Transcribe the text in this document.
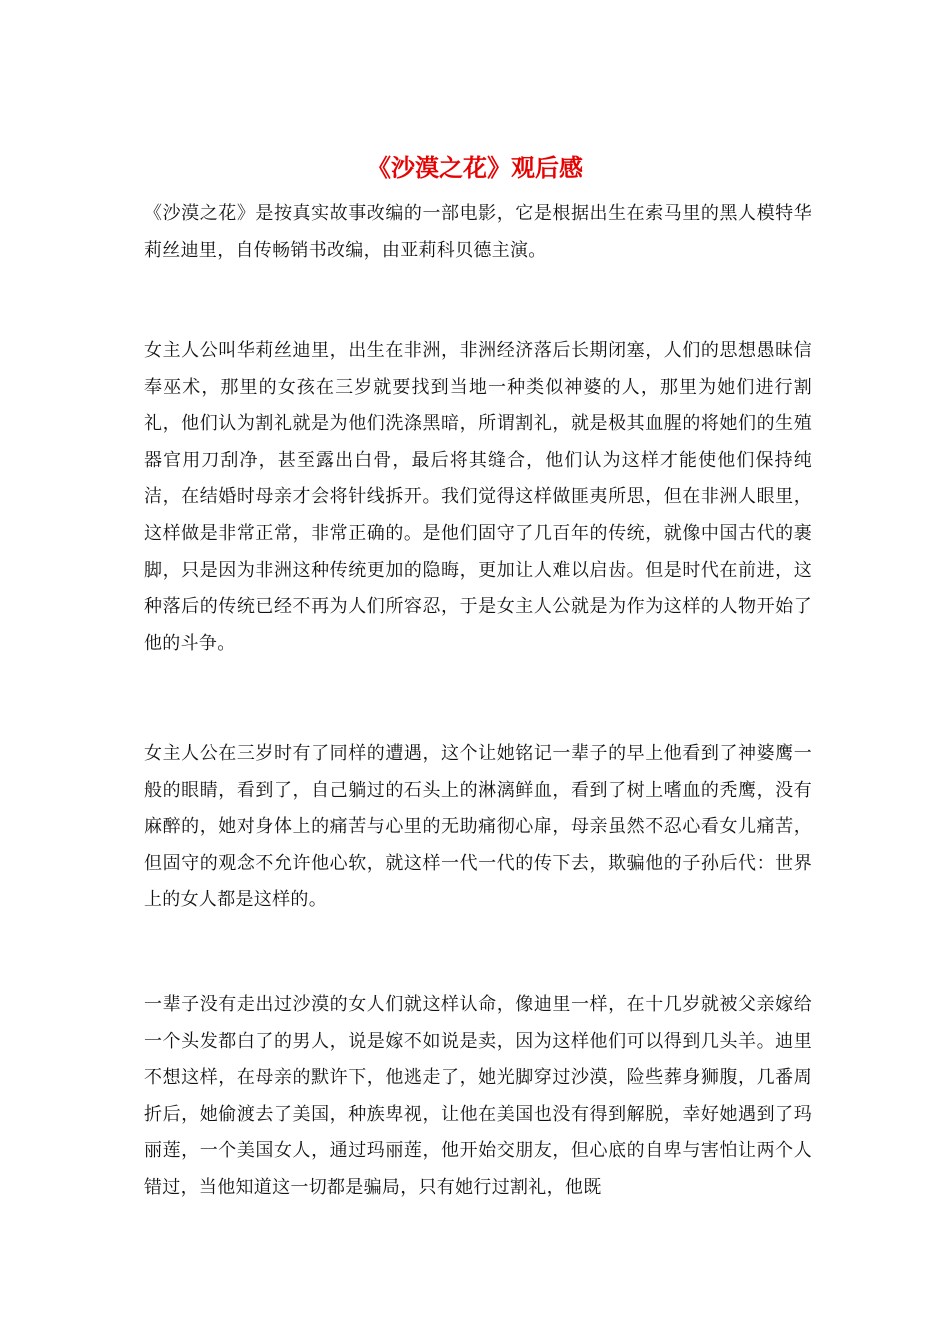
《沙漠之花》观后感

《沙漠之花》是按真实故事改编的一部电影，它是根据出生在索马里的黑人模特华莉丝迪里，自传畅销书改编，由亚莉科贝德主演。

女主人公叫华莉丝迪里，出生在非洲，非洲经济落后长期闭塞，人们的思想愚昧信奉巫术，那里的女孩在三岁就要找到当地一种类似神婆的人，那里为她们进行割礼，他们认为割礼就是为他们洗涤黑暗，所谓割礼，就是极其血腥的将她们的生殖器官用刀刮净，甚至露出白骨，最后将其缝合，他们认为这样才能使他们保持纯洁，在结婚时母亲才会将针线拆开。我们觉得这样做匪夷所思，但在非洲人眼里，这样做是非常正常，非常正确的。是他们固守了几百年的传统，就像中国古代的裹脚，只是因为非洲这种传统更加的隐晦，更加让人难以启齿。但是时代在前进，这种落后的传统已经不再为人们所容忍，于是女主人公就是为作为这样的人物开始了他的斗争。

女主人公在三岁时有了同样的遭遇，这个让她铭记一辈子的早上他看到了神婆鹰一般的眼睛，看到了，自己躺过的石头上的淋漓鲜血，看到了树上嗜血的秃鹰，没有麻醉的，她对身体上的痛苦与心里的无助痛彻心扉，母亲虽然不忍心看女儿痛苦，但固守的观念不允许他心软，就这样一代一代的传下去，欺骗他的子孙后代：世界上的女人都是这样的。

一辈子没有走出过沙漠的女人们就这样认命，像迪里一样，在十几岁就被父亲嫁给一个头发都白了的男人，说是嫁不如说是卖，因为这样他们可以得到几头羊。迪里不想这样，在母亲的默许下，他逃走了，她光脚穿过沙漠，险些葬身狮腹，几番周折后，她偷渡去了美国，种族卑视，让他在美国也没有得到解脱，幸好她遇到了玛丽莲，一个美国女人，通过玛丽莲，他开始交朋友，但心底的自卑与害怕让两个人错过，当他知道这一切都是骗局，只有她行过割礼，他既
